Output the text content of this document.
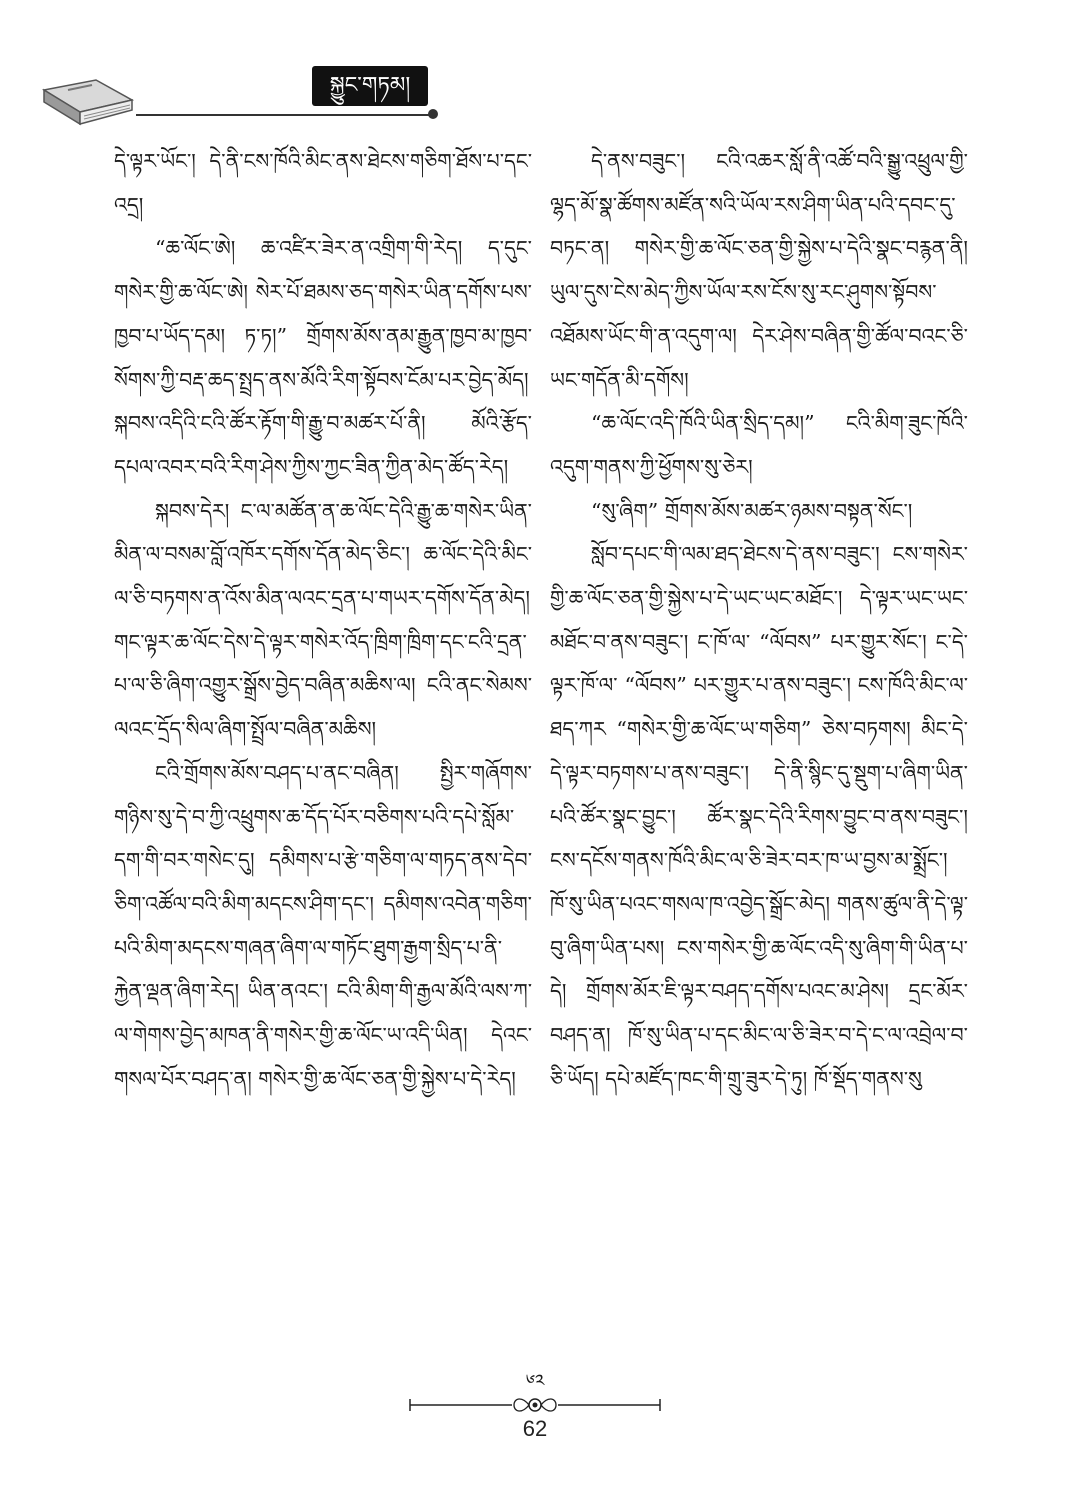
སྐྱུང་གཏམ།

དེ་ལྟར་ཡོང་། དེ་ནི་ངས་ཁོའི་མིང་ནས་ཐེངས་གཅིག་ཐོས་པ་དང་འདྲ།

“ཆ་ལོང་ཨེ། ཆ་འཛིར་ཟེར་ན་འགྲིག་གི་རེད། ད་དུང་གསེར་གྱི་ཆ་ལོང་ཨེ། སེར་པོ་ཐམས་ཅད་གསེར་ཡིན་དགོས་པས་ཁྱབ་པ་ཡོད་དམ། ཏ་ཏ།” གྲོགས་མོས་ནམ་རྒྱུན་ཁྱབ་མ་ཁྱབ་སོགས་ཀྱི་བརྡ་ཆད་སྤྲད་ནས་མོའི་རིག་སྟོབས་ངོམ་པར་བྱེད་མོད། སྐབས་འདིའི་ངའི་ཚོར་རྟོག་གི་རྒྱུ་བ་མཚར་པོ་ནི། མོའི་རྩོད་དཔལ་འབར་བའི་རིག་ཤེས་ཀྱིས་ཀྱང་ཟིན་ཀྱིན་མེད་ཚོད་རེད།

སྐབས་དེར། ང་ལ་མཚོན་ན་ཆ་ལོང་དེའི་རྒྱུ་ཆ་གསེར་ཡིན་མིན་ལ་བསམ་བློ་འཁོར་དགོས་དོན་མེད་ཅིང་། ཆ་ལོང་དེའི་མིང་ལ་ཅི་བཏགས་ན་འོས་མིན་ལའང་དྲན་པ་གཡར་དགོས་དོན་མེད། གང་ལྟར་ཆ་ལོང་དེས་དེ་ལྟར་གསེར་འོད་ཁྲིག་ཁྲིག་དང་ངའི་དྲན་པ་ལ་ཅི་ཞིག་འགྱུར་སྒྲོས་བྱེད་བཞིན་མཆིས་ལ། ངའི་ནང་སེམས་ལའང་དྲོད་སིལ་ཞིག་སྤྲོལ་བཞིན་མཆིས།

ངའི་གྲོགས་མོས་བཤད་པ་ནང་བཞིན། སྤྱིར་གཞོགས་གཉིས་སུ་དེ་བ་ཀྱི་འཕྲུགས་ཆ་དོད་པོར་བཅིགས་པའི་དཔེ་སློམ་དག་གི་བར་གསེང་དུ། དམིགས་པ་རྩེ་གཅིག་ལ་གཏད་ནས་དེབ་ཅིག་འཚོལ་བའི་མིག་མདངས་ཤིག་དང་། དམིགས་འབེན་གཅིག་པའི་མིག་མདངས་གཞན་ཞིག་ལ་གཏོང་ཐུག་རྒྱག་སྲིད་པ་ནི་རྐྱེན་ལྡན་ཞིག་རེད། ཡིན་ནའང་། ངའི་མིག་གི་རྒྱལ་མོའི་ལས་ཀ་ལ་གེགས་བྱེད་མཁན་ནི་གསེར་གྱི་ཆ་ལོང་ཡ་འདི་ཡིན། དེའང་གསལ་པོར་བཤད་ན། གསེར་གྱི་ཆ་ལོང་ཅན་གྱི་སྐྱེས་པ་དེ་རེད།

དེ་ནས་བཟུང་། ངའི་འཆར་སློ་ནི་འཚོ་བའི་སྒྱུ་འཕྲུལ་གྱི་ལྷད་མོ་སྣ་ཚོགས་མཛོན་སའི་ཡོལ་རས་ཤིག་ཡིན་པའི་དབང་དུ་བཏང་ན། གསེར་གྱི་ཆ་ལོང་ཅན་གྱི་སྐྱེས་པ་དེའི་སྣང་བརྙན་ནི། ཡུལ་དུས་ངེས་མེད་ཀྱིས་ཡོལ་རས་ངོས་སུ་རང་ཤུགས་སྟོབས་འཐོམས་ཡོང་གི་ན་འདུག་ལ། དེར་ཤེས་བཞིན་གྱི་ཚོལ་བའང་ཅི་ཡང་གདོན་མི་དགོས།

“ཆ་ལོང་འདི་ཁོའི་ཡིན་སྲིད་དམ།” ངའི་མིག་ཟུང་ཁོའི་འདུག་གནས་ཀྱི་ཕྱོགས་སུ་ཅེར།

“སུ་ཞིག” གྲོགས་མོས་མཚར་ཉམས་བསྟན་སོང་།

སློབ་དཔང་གི་ལམ་ཐད་ཐེངས་དེ་ནས་བཟུང་། ངས་གསེར་གྱི་ཆ་ལོང་ཅན་གྱི་སྐྱེས་པ་དེ་ཡང་ཡང་མཐོང་། དེ་ལྟར་ཡང་ཡང་མཐོང་བ་ནས་བཟུང་། ང་ཁོ་ལ་ “ལོབས” པར་གྱུར་སོང་། ང་དེ་ལྟར་ཁོ་ལ་ “ལོབས” པར་གྱུར་པ་ནས་བཟུང་། ངས་ཁོའི་མིང་ལ་ཐད་ཀར “གསེར་གྱི་ཆ་ལོང་ཡ་གཅིག” ཅེས་བཏགས། མིང་དེ་དེ་ལྟར་བཏགས་པ་ནས་བཟུང་། དེ་ནི་སྙིང་དུ་སྡུག་པ་ཞིག་ཡིན་པའི་ཚོར་སྣང་བྱུང་། ཚོར་སྣང་དེའི་རིགས་བྱུང་བ་ནས་བཟུང་། ངས་དངོས་གནས་ཁོའི་མིང་ལ་ཅི་ཟེར་བར་ཁ་ཡ་བྱས་མ་སྨྲོང་། ཁོ་སུ་ཡིན་པའང་གསལ་ཁ་འབྱེད་སྒྲོང་མེད། གནས་ཚུལ་ནི་དེ་ལྟ་བུ་ཞིག་ཡིན་པས། ངས་གསེར་གྱི་ཆ་ལོང་འདི་སུ་ཞིག་གི་ཡིན་པ་དེ། གྲོགས་མོར་ཇི་ལྟར་བཤད་དགོས་པའང་མ་ཤེས། དྲང་མོར་བཤད་ན། ཁོ་སུ་ཡིན་པ་དང་མིང་ལ་ཅི་ཟེར་བ་དེ་ང་ལ་འབྲེལ་བ་ཅི་ཡོད། དཔེ་མཛོད་ཁང་གི་གྲུ་ཟུར་དེ་ཏུ། ཁོ་སྡོད་གནས་སུ

༦༢
62
